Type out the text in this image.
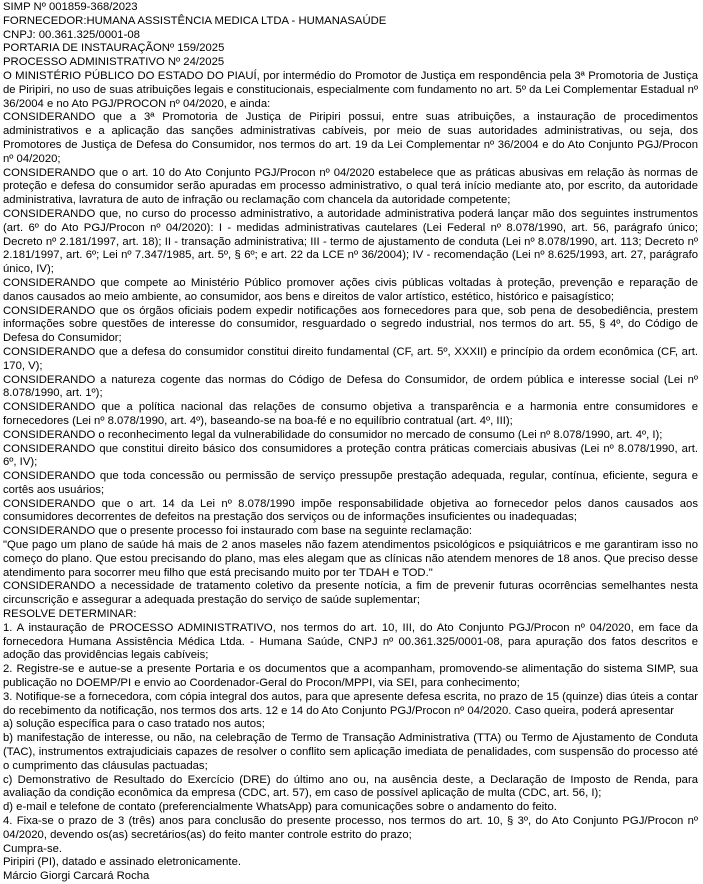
SIMP Nº 001859-368/2023
FORNECEDOR:HUMANA ASSISTÊNCIA MEDICA LTDA - HUMANASAÚDE
CNPJ: 00.361.325/0001-08
PORTARIA DE INSTAURAÇÃONº 159/2025
PROCESSO ADMINISTRATIVO Nº 24/2025

O MINISTÉRIO PÚBLICO DO ESTADO DO PIAUÍ, por intermédio do Promotor de Justiça em respondência pela 3ª Promotoria de Justiça de Piripiri, no uso de suas atribuições legais e constitucionais, especialmente com fundamento no art. 5º da Lei Complementar Estadual nº 36/2004 e no Ato PGJ/PROCON nº 04/2020, e ainda:

CONSIDERANDO que a 3ª Promotoria de Justiça de Piripiri possui, entre suas atribuições, a instauração de procedimentos administrativos e a aplicação das sanções administrativas cabíveis, por meio de suas autoridades administrativas, ou seja, dos Promotores de Justiça de Defesa do Consumidor, nos termos do art. 19 da Lei Complementar nº 36/2004 e do Ato Conjunto PGJ/Procon nº 04/2020;

CONSIDERANDO que o art. 10 do Ato Conjunto PGJ/Procon nº 04/2020 estabelece que as práticas abusivas em relação às normas de proteção e defesa do consumidor serão apuradas em processo administrativo, o qual terá início mediante ato, por escrito, da autoridade administrativa, lavratura de auto de infração ou reclamação com chancela da autoridade competente;

CONSIDERANDO que, no curso do processo administrativo, a autoridade administrativa poderá lançar mão dos seguintes instrumentos (art. 6º do Ato PGJ/Procon nº 04/2020): I - medidas administrativas cautelares (Lei Federal nº 8.078/1990, art. 56, parágrafo único; Decreto nº 2.181/1997, art. 18); II - transação administrativa; III - termo de ajustamento de conduta (Lei nº 8.078/1990, art. 113; Decreto nº 2.181/1997, art. 6º; Lei nº 7.347/1985, art. 5º, § 6º; e art. 22 da LCE nº 36/2004); IV - recomendação (Lei nº 8.625/1993, art. 27, parágrafo único, IV);

CONSIDERANDO que compete ao Ministério Público promover ações civis públicas voltadas à proteção, prevenção e reparação de danos causados ao meio ambiente, ao consumidor, aos bens e direitos de valor artístico, estético, histórico e paisagístico;

CONSIDERANDO que os órgãos oficiais podem expedir notificações aos fornecedores para que, sob pena de desobediência, prestem informações sobre questões de interesse do consumidor, resguardado o segredo industrial, nos termos do art. 55, § 4º, do Código de Defesa do Consumidor;

CONSIDERANDO que a defesa do consumidor constitui direito fundamental (CF, art. 5º, XXXII) e princípio da ordem econômica (CF, art. 170, V);

CONSIDERANDO a natureza cogente das normas do Código de Defesa do Consumidor, de ordem pública e interesse social (Lei nº 8.078/1990, art. 1º);

CONSIDERANDO que a política nacional das relações de consumo objetiva a transparência e a harmonia entre consumidores e fornecedores (Lei nº 8.078/1990, art. 4º), baseando-se na boa-fé e no equilíbrio contratual (art. 4º, III);

CONSIDERANDO o reconhecimento legal da vulnerabilidade do consumidor no mercado de consumo (Lei nº 8.078/1990, art. 4º, I);

CONSIDERANDO que constitui direito básico dos consumidores a proteção contra práticas comerciais abusivas (Lei nº 8.078/1990, art. 6º, IV);

CONSIDERANDO que toda concessão ou permissão de serviço pressupõe prestação adequada, regular, contínua, eficiente, segura e cortês aos usuários;

CONSIDERANDO que o art. 14 da Lei nº 8.078/1990 impõe responsabilidade objetiva ao fornecedor pelos danos causados aos consumidores decorrentes de defeitos na prestação dos serviços ou de informações insuficientes ou inadequadas;

CONSIDERANDO que o presente processo foi instaurado com base na seguinte reclamação:

"Que pago um plano de saúde há mais de 2 anos maseles não fazem atendimentos psicológicos e psiquiátricos e me garantiram isso no começo do plano. Que estou precisando do plano, mas eles alegam que as clínicas não atendem menores de 18 anos. Que preciso desse atendimento para socorrer meu filho que está precisando muito por ter TDAH e TOD."

CONSIDERANDO a necessidade de tratamento coletivo da presente notícia, a fim de prevenir futuras ocorrências semelhantes nesta circunscrição e assegurar a adequada prestação do serviço de saúde suplementar;

RESOLVE DETERMINAR:

1. A instauração de PROCESSO ADMINISTRATIVO, nos termos do art. 10, III, do Ato Conjunto PGJ/Procon nº 04/2020, em face da fornecedora Humana Assistência Médica Ltda. - Humana Saúde, CNPJ nº 00.361.325/0001-08, para apuração dos fatos descritos e adoção das providências legais cabíveis;

2. Registre-se e autue-se a presente Portaria e os documentos que a acompanham, promovendo-se alimentação do sistema SIMP, sua publicação no DOEMP/PI e envio ao Coordenador-Geral do Procon/MPPI, via SEI, para conhecimento;

3. Notifique-se a fornecedora, com cópia integral dos autos, para que apresente defesa escrita, no prazo de 15 (quinze) dias úteis a contar do recebimento da notificação, nos termos dos arts. 12 e 14 do Ato Conjunto PGJ/Procon nº 04/2020. Caso queira, poderá apresentar

a) solução específica para o caso tratado nos autos;

b) manifestação de interesse, ou não, na celebração de Termo de Transação Administrativa (TTA) ou Termo de Ajustamento de Conduta (TAC), instrumentos extrajudiciais capazes de resolver o conflito sem aplicação imediata de penalidades, com suspensão do processo até o cumprimento das cláusulas pactuadas;

c) Demonstrativo de Resultado do Exercício (DRE) do último ano ou, na ausência deste, a Declaração de Imposto de Renda, para avaliação da condição econômica da empresa (CDC, art. 57), em caso de possível aplicação de multa (CDC, art. 56, I);

d) e-mail e telefone de contato (preferencialmente WhatsApp) para comunicações sobre o andamento do feito.

4. Fixa-se o prazo de 3 (três) anos para conclusão do presente processo, nos termos do art. 10, § 3º, do Ato Conjunto PGJ/Procon nº 04/2020, devendo os(as) secretários(as) do feito manter controle estrito do prazo;

Cumpra-se.
Piripiri (PI), datado e assinado eletronicamente.
Márcio Giorgi Carcará Rocha
